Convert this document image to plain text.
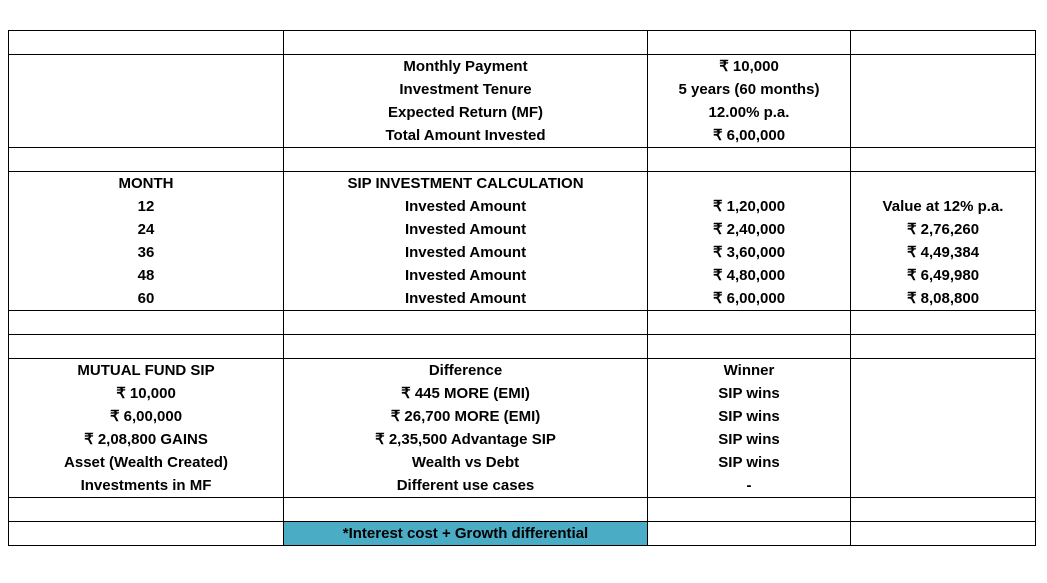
	Monthly Payment	₹ 10,000	
	Investment Tenure	5 years (60 months)	
	Expected Return (MF)	12.00% p.a.	
	Total Amount Invested	₹ 6,00,000	

MONTH	SIP INVESTMENT CALCULATION		
12	Invested Amount	₹ 1,20,000	Value at 12% p.a.
24	Invested Amount	₹ 2,40,000	₹ 2,76,260
36	Invested Amount	₹ 3,60,000	₹ 4,49,384
48	Invested Amount	₹ 4,80,000	₹ 6,49,980
60	Invested Amount	₹ 6,00,000	₹ 8,08,800

MUTUAL FUND SIP	Difference	Winner	
₹ 10,000	₹ 445 MORE (EMI)	SIP wins	
₹ 6,00,000	₹ 26,700 MORE (EMI)	SIP wins	
₹ 2,08,800 GAINS	₹ 2,35,500 Advantage SIP	SIP wins	
Asset (Wealth Created)	Wealth vs Debt	SIP wins	
Investments in MF	Different use cases	-	

	*Interest cost + Growth differential		
